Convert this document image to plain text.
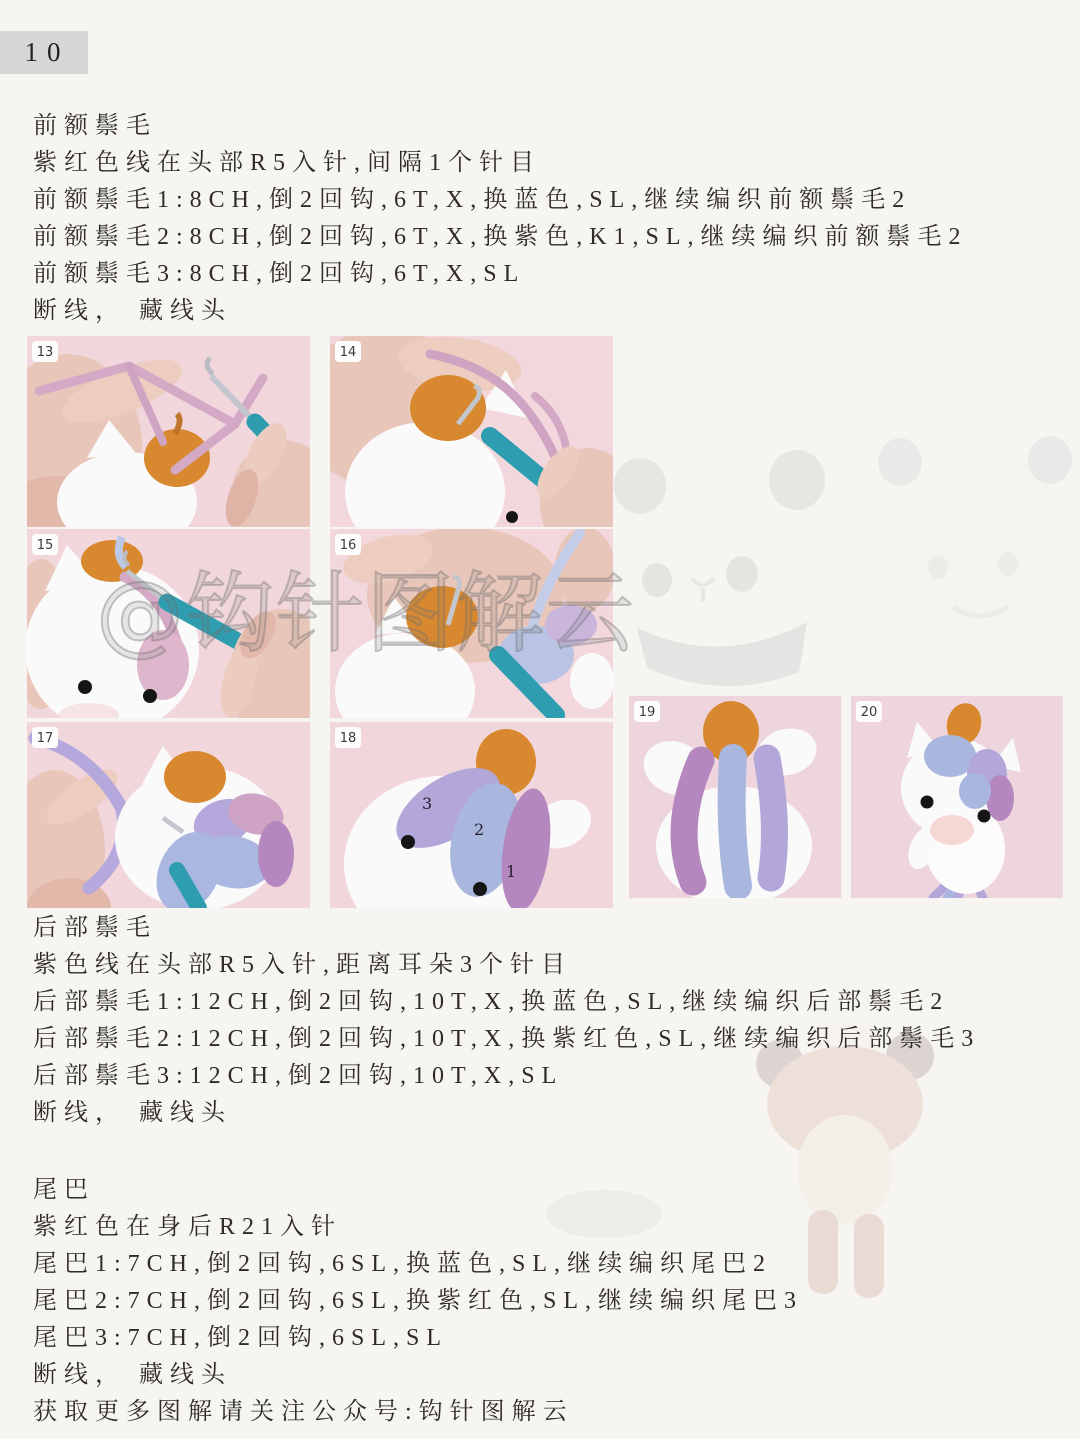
10
前额鬃毛
紫红色线在头部R5入针,间隔1个针目
前额鬃毛1:8CH,倒2回钩,6T,X,换蓝色,SL,继续编织前额鬃毛2
前额鬃毛2:8CH,倒2回钩,6T,X,换紫色,K1,SL,继续编织前额鬃毛2
前额鬃毛3:8CH,倒2回钩,6T,X,SL
断线， 藏线头
13	14
15	16
17	18
3
2
1
19	20
后部鬃毛
紫色线在头部R5入针,距离耳朵3个针目
后部鬃毛1:12CH,倒2回钩,10T,X,换蓝色,SL,继续编织后部鬃毛2
后部鬃毛2:12CH,倒2回钩,10T,X,换紫红色,SL,继续编织后部鬃毛3
后部鬃毛3:12CH,倒2回钩,10T,X,SL
断线， 藏线头
尾巴
紫红色在身后R21入针
尾巴1:7CH,倒2回钩,6SL,换蓝色,SL,继续编织尾巴2
尾巴2:7CH,倒2回钩,6SL,换紫红色,SL,继续编织尾巴3
尾巴3:7CH,倒2回钩,6SL,SL
断线， 藏线头
获取更多图解请关注公众号:钩针图解云
